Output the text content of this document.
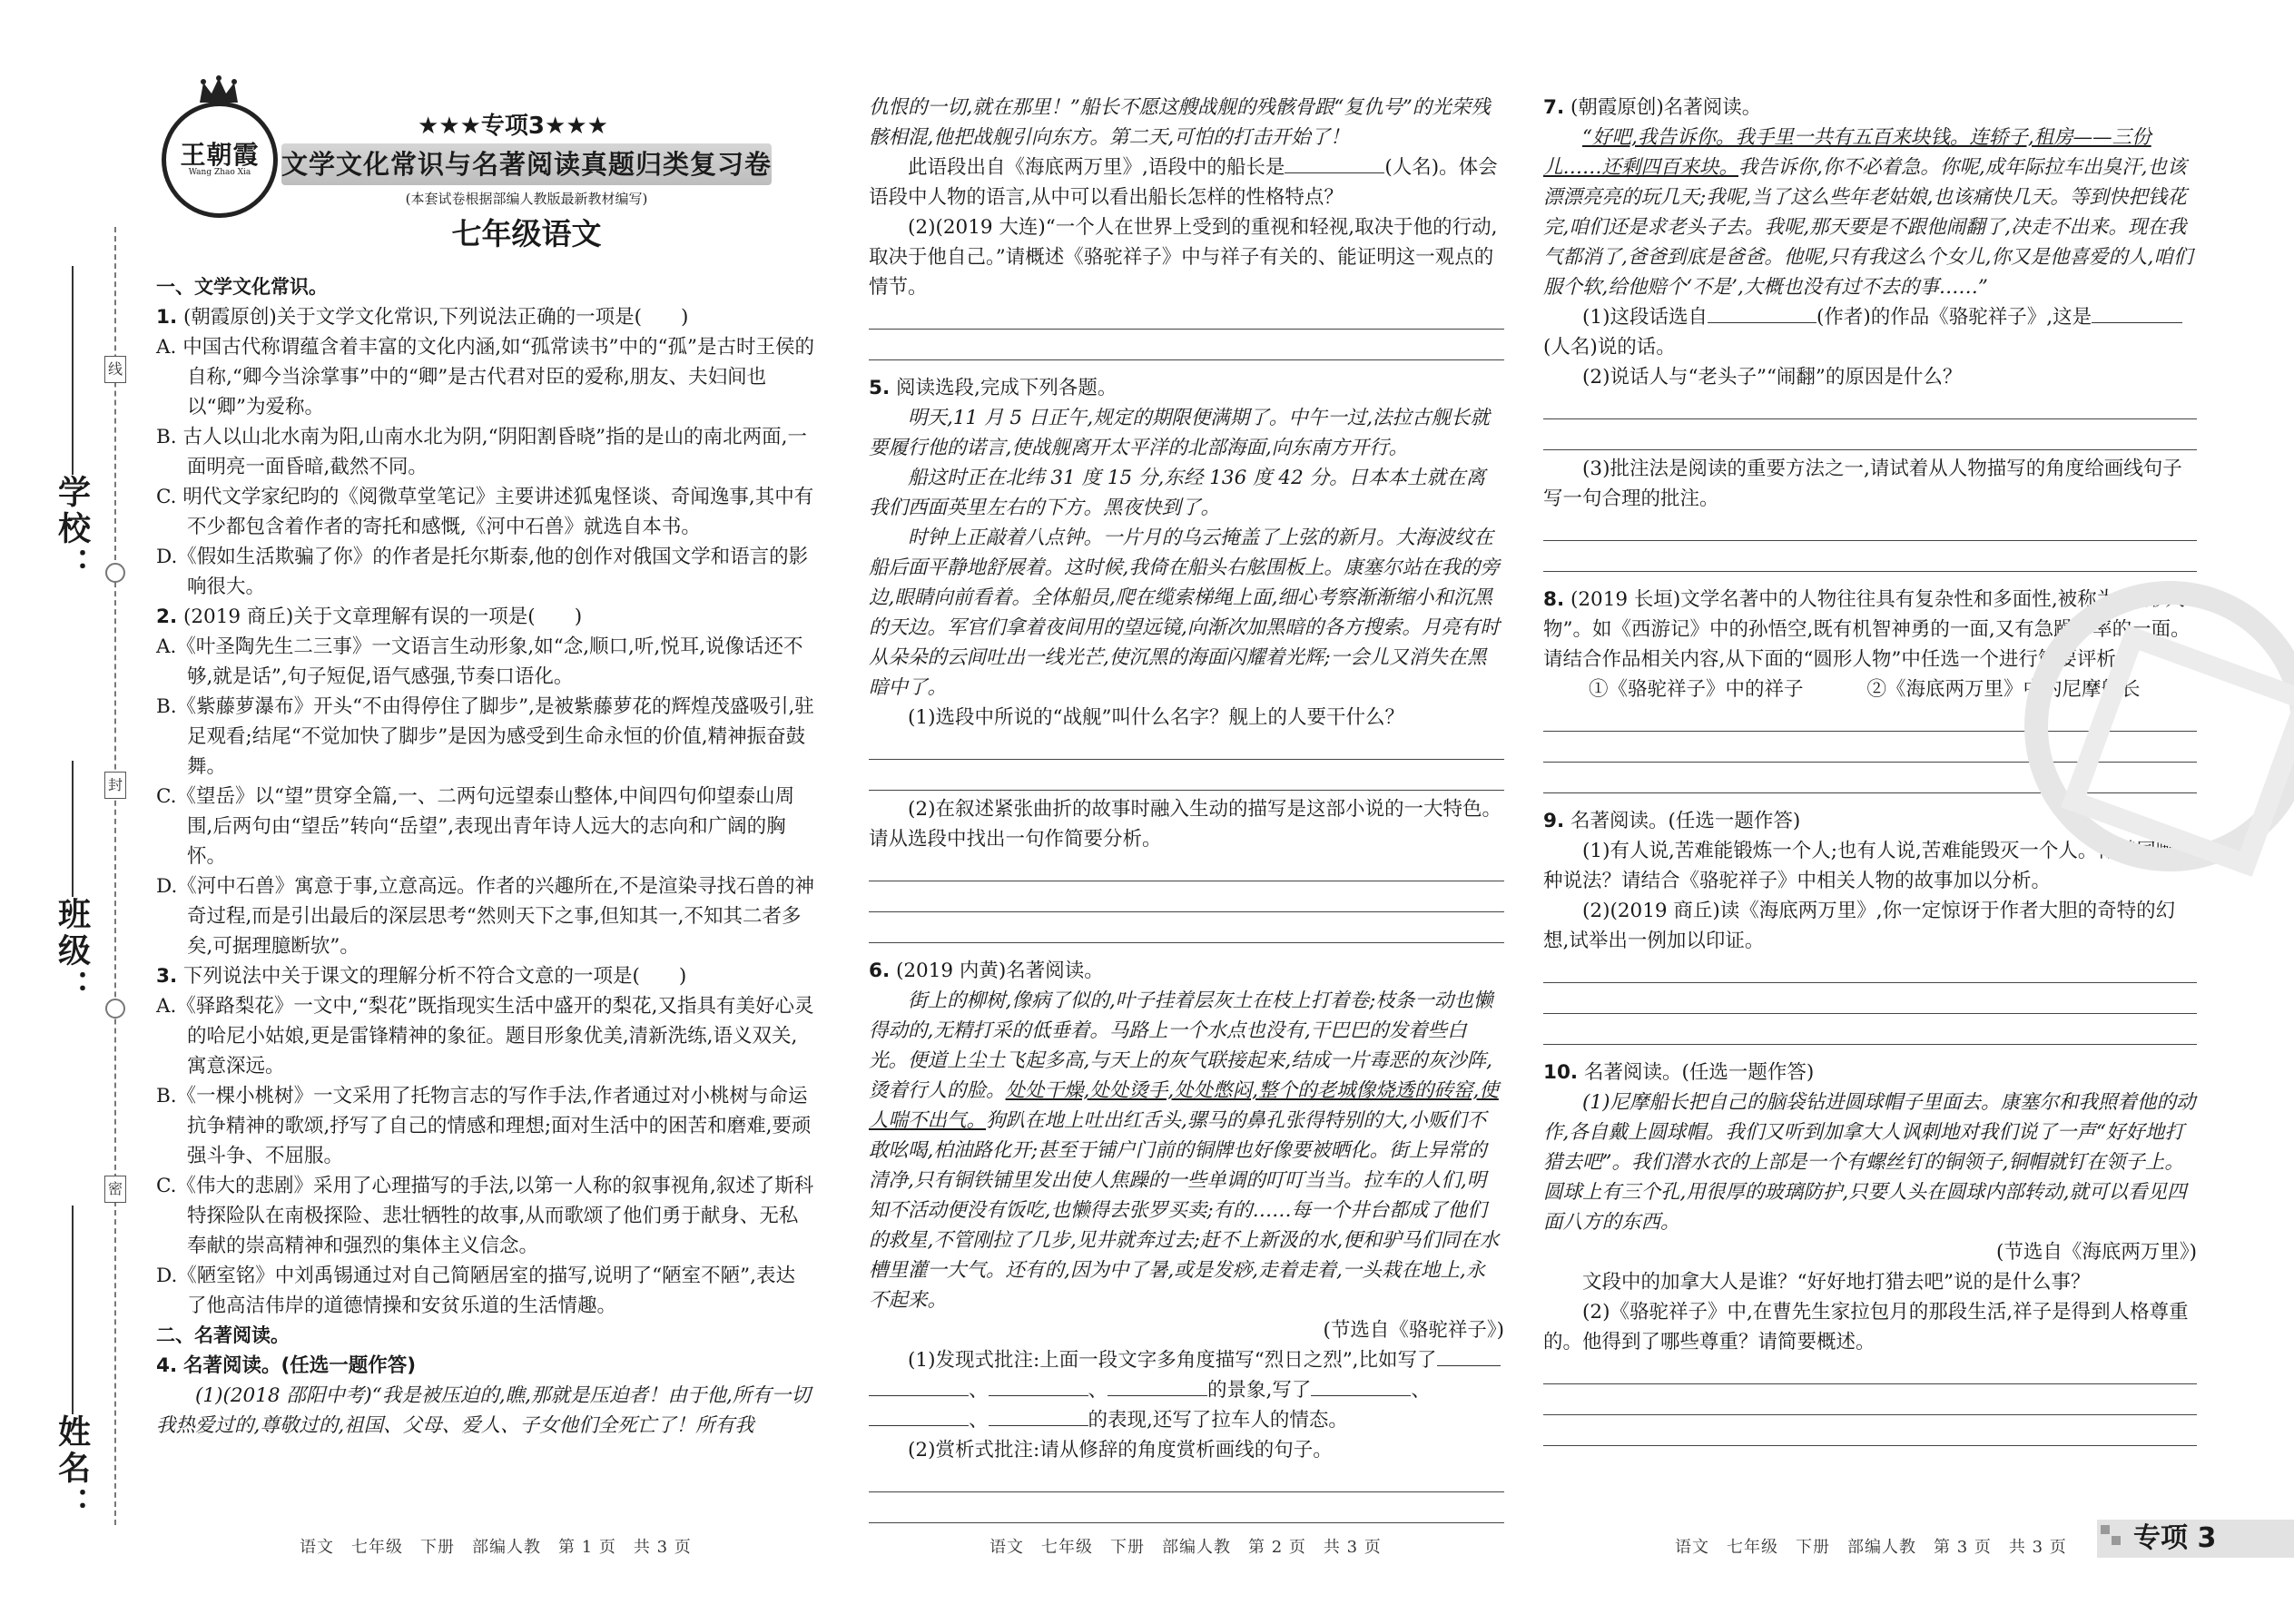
线
封
密
学校：
班级：
姓名：
王朝霞
Wang Zhao Xia
★★★专项3★★★
文学文化常识与名著阅读真题归类复习卷
(本套试卷根据部编人教版最新教材编写)
七年级语文

一、文学文化常识。

1. (朝霞原创)关于文学文化常识,下列说法正确的一项是(　　)

A. 中国古代称谓蕴含着丰富的文化内涵,如“孤常读书”中的“孤”是古时王侯的自称,“卿今当涂掌事”中的“卿”是古代君对臣的爱称,朋友、夫妇间也以“卿”为爱称。

B. 古人以山北水南为阳,山南水北为阴,“阴阳割昏晓”指的是山的南北两面,一面明亮一面昏暗,截然不同。

C. 明代文学家纪昀的《阅微草堂笔记》主要讲述狐鬼怪谈、奇闻逸事,其中有不少都包含着作者的寄托和感慨,《河中石兽》就选自本书。

D.《假如生活欺骗了你》的作者是托尔斯泰,他的创作对俄国文学和语言的影响很大。

2. (2019 商丘)关于文章理解有误的一项是(　　)

A.《叶圣陶先生二三事》一文语言生动形象,如“念,顺口,听,悦耳,说像话还不够,就是话”,句子短促,语气感强,节奏口语化。

B.《紫藤萝瀑布》开头“不由得停住了脚步”,是被紫藤萝花的辉煌茂盛吸引,驻足观看;结尾“不觉加快了脚步”是因为感受到生命永恒的价值,精神振奋鼓舞。

C.《望岳》以“望”贯穿全篇,一、二两句远望泰山整体,中间四句仰望泰山周围,后两句由“望岳”转向“岳望”,表现出青年诗人远大的志向和广阔的胸怀。

D.《河中石兽》寓意于事,立意高远。作者的兴趣所在,不是渲染寻找石兽的神奇过程,而是引出最后的深层思考“然则天下之事,但知其一,不知其二者多矣,可据理臆断欤”。

3. 下列说法中关于课文的理解分析不符合文意的一项是(　　)

A.《驿路梨花》一文中,“梨花”既指现实生活中盛开的梨花,又指具有美好心灵的哈尼小姑娘,更是雷锋精神的象征。题目形象优美,清新洗练,语义双关,寓意深远。

B.《一棵小桃树》一文采用了托物言志的写作手法,作者通过对小桃树与命运抗争精神的歌颂,抒写了自己的情感和理想;面对生活中的困苦和磨难,要顽强斗争、不屈服。

C.《伟大的悲剧》采用了心理描写的手法,以第一人称的叙事视角,叙述了斯科特探险队在南极探险、悲壮牺牲的故事,从而歌颂了他们勇于献身、无私奉献的崇高精神和强烈的集体主义信念。

D.《陋室铭》中刘禹锡通过对自己简陋居室的描写,说明了“陋室不陋”,表达了他高洁伟岸的道德情操和安贫乐道的生活情趣。

二、名著阅读。

4. 名著阅读。(任选一题作答)

(1)(2018 邵阳中考)“我是被压迫的,瞧,那就是压迫者！由于他,所有一切我热爱过的,尊敬过的,祖国、父母、爱人、子女他们全死亡了！所有我

仇恨的一切,就在那里！”船长不愿这艘战舰的残骸骨跟“复仇号”的光荣残骸相混,他把战舰引向东方。第二天,可怕的打击开始了！

此语段出自《海底两万里》,语段中的船长是	(人名)。体会语段中人物的语言,从中可以看出船长怎样的性格特点？

(2)(2019 大连)“一个人在世界上受到的重视和轻视,取决于他的行动,取决于他自己。”请概述《骆驼祥子》中与祥子有关的、能证明这一观点的情节。

5. 阅读选段,完成下列各题。

明天,11 月 5 日正午,规定的期限便满期了。中午一过,法拉古舰长就要履行他的诺言,使战舰离开太平洋的北部海面,向东南方开行。

船这时正在北纬 31 度 15 分,东经 136 度 42 分。日本本土就在离我们西面英里左右的下方。黑夜快到了。

时钟上正敲着八点钟。一片月的乌云掩盖了上弦的新月。大海波纹在船后面平静地舒展着。这时候,我倚在船头右舷围板上。康塞尔站在我的旁边,眼睛向前看着。全体船员,爬在缆索梯绳上面,细心考察渐渐缩小和沉黑的天边。军官们拿着夜间用的望远镜,向渐次加黑暗的各方搜索。月亮有时从朵朵的云间吐出一线光芒,使沉黑的海面闪耀着光辉;一会儿又消失在黑暗中了。

(1)选段中所说的“战舰”叫什么名字？舰上的人要干什么？

(2)在叙述紧张曲折的故事时融入生动的描写是这部小说的一大特色。请从选段中找出一句作简要分析。

6. (2019 内黄)名著阅读。

街上的柳树,像病了似的,叶子挂着层灰土在枝上打着卷;枝条一动也懒得动的,无精打采的低垂着。马路上一个水点也没有,干巴巴的发着些白光。便道上尘土飞起多高,与天上的灰气联接起来,结成一片毒恶的灰沙阵,烫着行人的脸。处处干燥,处处烫手,处处憋闷,整个的老城像烧透的砖窑,使人喘不出气。狗趴在地上吐出红舌头,骡马的鼻孔张得特别的大,小贩们不敢吆喝,柏油路化开;甚至于铺户门前的铜牌也好像要被晒化。街上异常的清净,只有铜铁铺里发出使人焦躁的一些单调的叮叮当当。拉车的人们,明知不活动便没有饭吃,也懒得去张罗买卖;有的……每一个井台都成了他们的救星,不管刚拉了几步,见井就奔过去;赶不上新汲的水,便和驴马们同在水槽里灌一大气。还有的,因为中了暑,或是发痧,走着走着,一头栽在地上,永不起来。

(节选自《骆驼祥子》)

(1)发现式批注:上面一段文字多角度描写“烈日之烈”,比如写了 、	、	的景象,写了	、、	的表现,还写了拉车人的情态。

(2)赏析式批注:请从修辞的角度赏析画线的句子。

7. (朝霞原创)名著阅读。

“好吧,我告诉你。我手里一共有五百来块钱。连轿子,租房——三份儿……还剩四百来块。我告诉你,你不必着急。你呢,成年际拉车出臭汗,也该漂漂亮亮的玩几天;我呢,当了这么些年老姑娘,也该痛快几天。等到快把钱花完,咱们还是求老头子去。我呢,那天要是不跟他闹翻了,决走不出来。现在我气都消了,爸爸到底是爸爸。他呢,只有我这么个女儿,你又是他喜爱的人,咱们服个软,给他赔个‘不是’,大概也没有过不去的事……”

(1)这段话选自	(作者)的作品《骆驼祥子》,这是(人名)说的话。

(2)说话人与“老头子”“闹翻”的原因是什么？

(3)批注法是阅读的重要方法之一,请试着从人物描写的角度给画线句子写一句合理的批注。

8. (2019 长垣)文学名著中的人物往往具有复杂性和多面性,被称为“圆形人物”。如《西游记》中的孙悟空,既有机智神勇的一面,又有急躁草率的一面。请结合作品相关内容,从下面的“圆形人物”中任选一个进行简要评析。

①《骆驼祥子》中的祥子	②《海底两万里》中的尼摩船长

9. 名著阅读。(任选一题作答)

(1)有人说,苦难能锻炼一个人;也有人说,苦难能毁灭一个人。你赞同哪一种说法？请结合《骆驼祥子》中相关人物的故事加以分析。

(2)(2019 商丘)读《海底两万里》,你一定惊讶于作者大胆的奇特的幻想,试举出一例加以印证。

10. 名著阅读。(任选一题作答)

(1)尼摩船长把自己的脑袋钻进圆球帽子里面去。康塞尔和我照着他的动作,各自戴上圆球帽。我们又听到加拿大人讽刺地对我们说了一声“好好地打猎去吧”。我们潜水衣的上部是一个有螺丝钉的铜领子,铜帽就钉在领子上。圆球上有三个孔,用很厚的玻璃防护,只要人头在圆球内部转动,就可以看见四面八方的东西。

(节选自《海底两万里》)

文段中的加拿大人是谁？“好好地打猎去吧”说的是什么事？

(2)《骆驼祥子》中,在曹先生家拉包月的那段生活,祥子是得到人格尊重的。他得到了哪些尊重？请简要概述。

语文　七年级　下册　部编人教　第 1 页　共 3 页	语文　七年级　下册　部编人教　第 2 页　共 3 页	语文　七年级　下册　部编人教　第 3 页　共 3 页	专项 3
